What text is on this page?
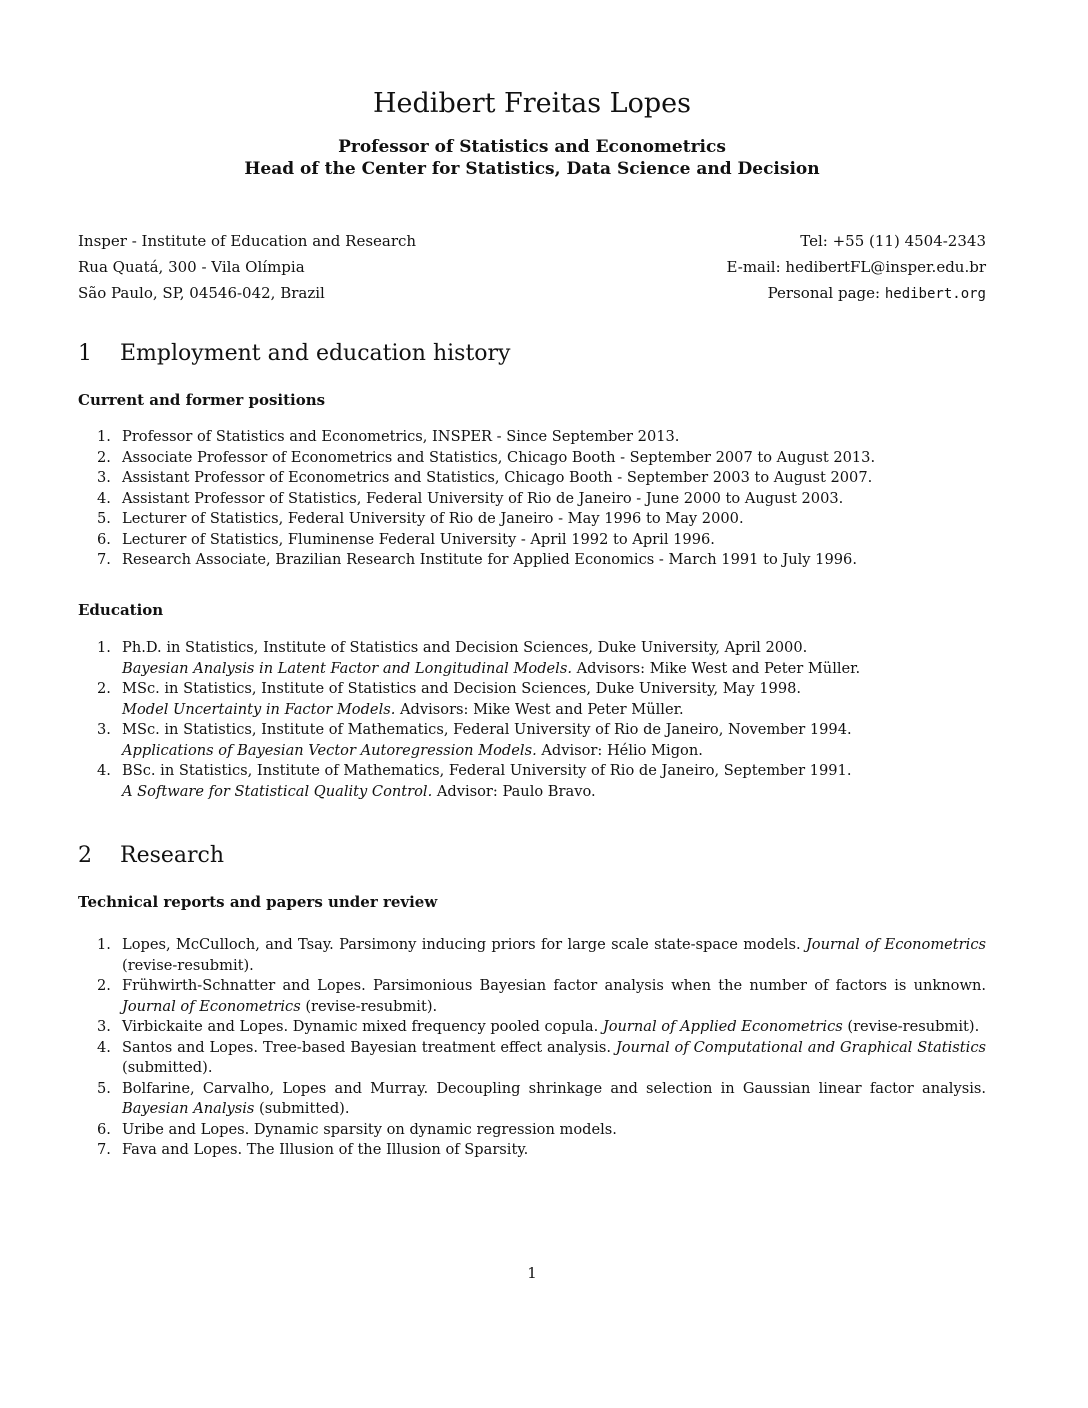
Hedibert Freitas Lopes

Professor of Statistics and Econometrics

Head of the Center for Statistics, Data Science and Decision

Insper - Institute of Education and Research	Tel: +55 (11) 4504-2343
Rua Quatá, 300 - Vila Olímpia	E-mail: hedibertFL@insper.edu.br
São Paulo, SP, 04546-042, Brazil	Personal page: hedibert.org
1 Employment and education history
Current and former positions
1. Professor of Statistics and Econometrics, INSPER - Since September 2013.
2. Associate Professor of Econometrics and Statistics, Chicago Booth - September 2007 to August 2013.
3. Assistant Professor of Econometrics and Statistics, Chicago Booth - September 2003 to August 2007.
4. Assistant Professor of Statistics, Federal University of Rio de Janeiro - June 2000 to August 2003.
5. Lecturer of Statistics, Federal University of Rio de Janeiro - May 1996 to May 2000.
6. Lecturer of Statistics, Fluminense Federal University - April 1992 to April 1996.
7. Research Associate, Brazilian Research Institute for Applied Economics - March 1991 to July 1996.
Education
1. Ph.D. in Statistics, Institute of Statistics and Decision Sciences, Duke University, April 2000.
Bayesian Analysis in Latent Factor and Longitudinal Models. Advisors: Mike West and Peter Müller.
2. MSc. in Statistics, Institute of Statistics and Decision Sciences, Duke University, May 1998.
Model Uncertainty in Factor Models. Advisors: Mike West and Peter Müller.
3. MSc. in Statistics, Institute of Mathematics, Federal University of Rio de Janeiro, November 1994.
Applications of Bayesian Vector Autoregression Models. Advisor: Hélio Migon.
4. BSc. in Statistics, Institute of Mathematics, Federal University of Rio de Janeiro, September 1991.
A Software for Statistical Quality Control. Advisor: Paulo Bravo.
2 Research
Technical reports and papers under review
1. Lopes, McCulloch, and Tsay. Parsimony inducing priors for large scale state-space models. Journal of Econometrics (revise-resubmit).
2. Frühwirth-Schnatter and Lopes. Parsimonious Bayesian factor analysis when the number of factors is unknown. Journal of Econometrics (revise-resubmit).
3. Virbickaite and Lopes. Dynamic mixed frequency pooled copula. Journal of Applied Econometrics (revise-resubmit).
4. Santos and Lopes. Tree-based Bayesian treatment effect analysis. Journal of Computational and Graphical Statistics (submitted).
5. Bolfarine, Carvalho, Lopes and Murray. Decoupling shrinkage and selection in Gaussian linear factor analysis. Bayesian Analysis (submitted).
6. Uribe and Lopes. Dynamic sparsity on dynamic regression models.
7. Fava and Lopes. The Illusion of the Illusion of Sparsity.
1
